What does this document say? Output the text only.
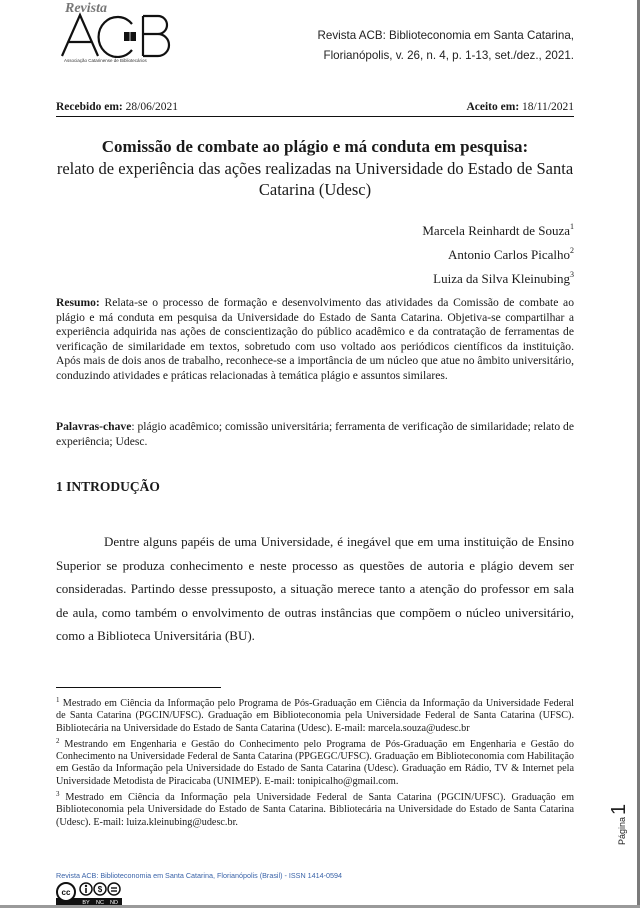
Revista
Associação Catarinense de Bibliotecários
Revista ACB: Biblioteconomia em Santa Catarina,
Florianópolis, v. 26, n. 4, p. 1-13, set./dez., 2021.
Recebido em: 28/06/2021	Aceito em: 18/11/2021
Comissão de combate ao plágio e má conduta em pesquisa:
relato de experiência das ações realizadas na Universidade do Estado de Santa Catarina (Udesc)
Marcela Reinhardt de Souza$^1$
Antonio Carlos Picalho$^2$
Luiza da Silva Kleinubing$^3$
Resumo: Relata-se o processo de formação e desenvolvimento das atividades da Comissão de combate ao plágio e má conduta em pesquisa da Universidade do Estado de Santa Catarina. Objetiva-se compartilhar a experiência adquirida nas ações de conscientização do público acadêmico e da contratação de ferramentas de verificação de similaridade em textos, sobretudo com uso voltado aos periódicos científicos da instituição. Após mais de dois anos de trabalho, reconhece-se a importância de um núcleo que atue no âmbito universitário, conduzindo atividades e práticas relacionadas à temática plágio e assuntos similares.
Palavras-chave: plágio acadêmico; comissão universitária; ferramenta de verificação de similaridade; relato de experiência; Udesc.
1 INTRODUÇÃO
Dentre alguns papéis de uma Universidade, é inegável que em uma instituição de Ensino Superior se produza conhecimento e neste processo as questões de autoria e plágio devem ser consideradas. Partindo desse pressuposto, a situação merece tanto a atenção do professor em sala de aula, como também o envolvimento de outras instâncias que compõem o núcleo universitário, como a Biblioteca Universitária (BU).

$^1$ Mestrado em Ciência da Informação pelo Programa de Pós-Graduação em Ciência da Informação da Universidade Federal de Santa Catarina (PGCIN/UFSC). Graduação em Biblioteconomia pela Universidade Federal de Santa Catarina (UFSC). Bibliotecária na Universidade do Estado de Santa Catarina (Udesc). E-mail: marcela.souza@udesc.br

$^2$ Mestrando em Engenharia e Gestão do Conhecimento pelo Programa de Pós-Graduação em Engenharia e Gestão do Conhecimento na Universidade Federal de Santa Catarina (PPGEGC/UFSC). Graduação em Biblioteconomia com Habilitação em Gestão da Informação pela Universidade do Estado de Santa Catarina (Udesc). Graduação em Rádio, TV & Internet pela Universidade Metodista de Piracicaba (UNIMEP). E-mail: tonipicalho@gmail.com.

$^3$ Mestrado em Ciência da Informação pela Universidade Federal de Santa Catarina (PGCIN/UFSC). Graduação em Biblioteconomia pela Universidade do Estado de Santa Catarina. Bibliotecária na Universidade do Estado de Santa Catarina (Udesc). E-mail: luiza.kleinubing@udesc.br.

Revista ACB: Biblioteconomia em Santa Catarina, Florianópolis (Brasil) - ISSN 1414-0594
cc	$
BY NC ND
Página1
